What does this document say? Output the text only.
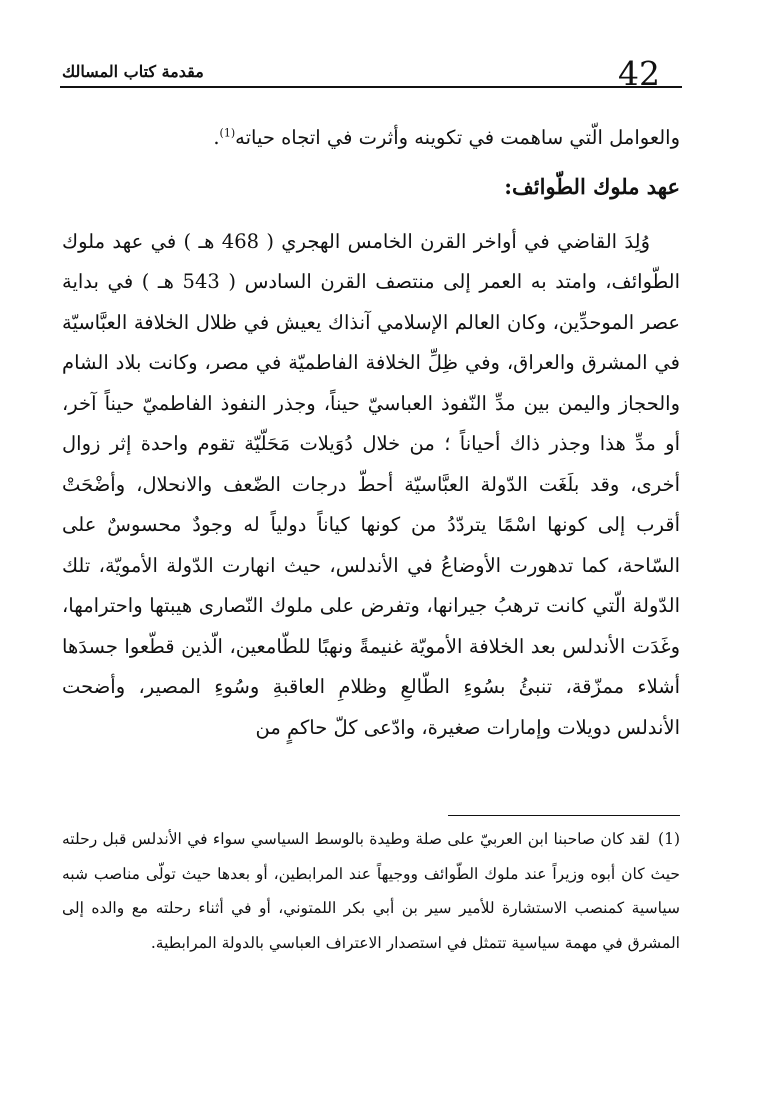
42
مقدمة كتاب المسالك

والعوامل الّتي ساهمت في تكوينه وأثرت في اتجاه حياته$^{(1)}$.

عهد ملوك الطّوائف:

وُلِدَ القاضي في أواخر القرن الخامس الهجري ( 468 هـ ) في عهد ملوك الطّوائف، وامتد به العمر إلى منتصف القرن السادس ( 543 هـ ) في بداية عصر الموحدِّين، وكان العالم الإسلامي آنذاك يعيش في ظلال الخلافة العبَّاسيّة في المشرق والعراق، وفي ظِلِّ الخلافة الفاطميّة في مصر، وكانت بلاد الشام والحجاز واليمن بين مدِّ النّفوذ العباسيّ حيناً، وجذر النفوذ الفاطميّ حيناً آخر، أو مدِّ هذا وجذر ذاك أحياناً ؛ من خلال دُوَيلات مَحَلّيّة تقوم واحدة إثر زوال أخرى، وقد بلَغَت الدّولة العبَّاسيّة أحطّ درجات الضّعف والانحلال، وأضْحَتْ أقرب إلى كونها اسْمًا يتردّدُ من كونها كياناً دولياً له وجودٌ محسوسٌ على السّاحة، كما تدهورت الأوضاعُ في الأندلس، حيث انهارت الدّولة الأمويّة، تلك الدّولة الّتي كانت ترهبُ جيرانها، وتفرض على ملوك النّصارى هيبتها واحترامها، وغَدَت الأندلس بعد الخلافة الأمويّة غنيمةً ونهبًا للطّامعين، الّذين قطّعوا جسدَها أشلاء ممزّقة، تنبئُ بسُوءِ الطّالعِ وظلامِ العاقبةِ وسُوءِ المصير، وأضحت الأندلس دويلات وإمارات صغيرة، وادّعى كلّ حاكمٍ من

(1)لقد كان صاحبنا ابن العربيّ على صلة وطيدة بالوسط السياسي سواء في الأندلس قبل رحلته حيث كان أبوه وزيراً عند ملوك الطّوائف ووجيهاً عند المرابطين، أو بعدها حيث تولّى مناصب شبه سياسية كمنصب الاستشارة للأمير سير بن أبي بكر اللمتوني، أو في أثناء رحلته مع والده إلى المشرق في مهمة سياسية تتمثل في استصدار الاعتراف العباسي بالدولة المرابطية.
